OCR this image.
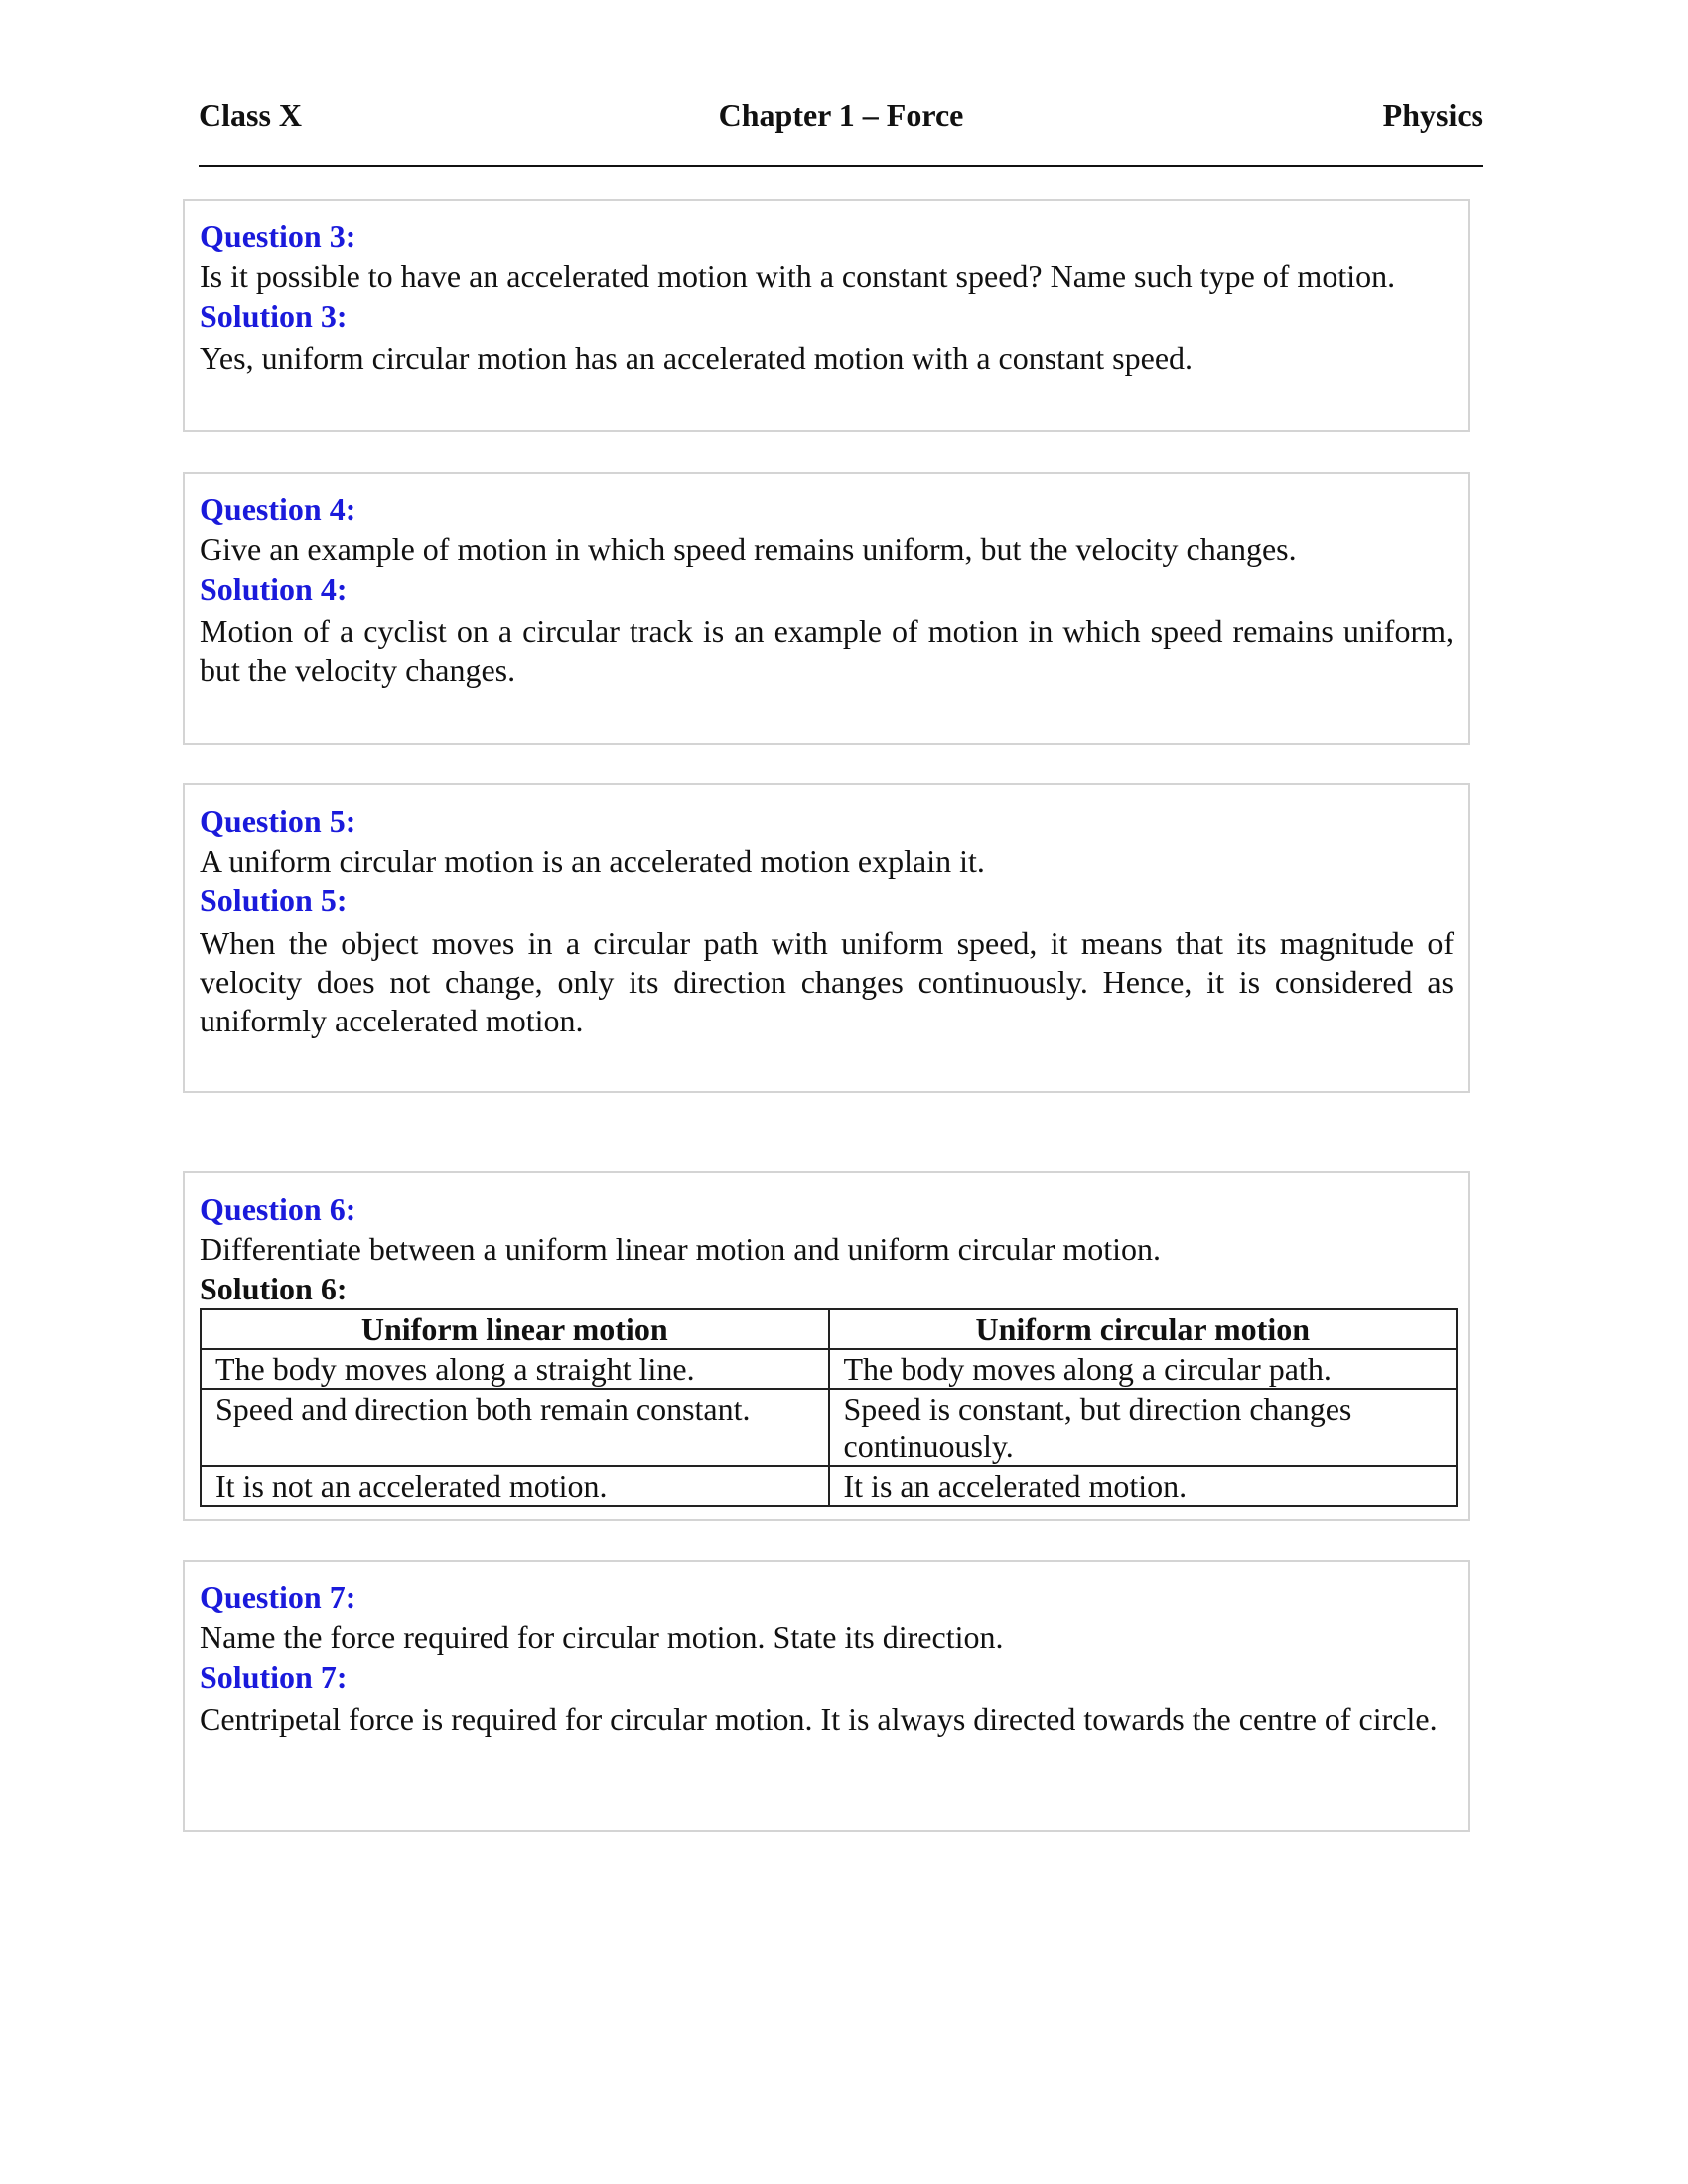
Class X	Chapter 1 – Force	Physics
Question 3:
Is it possible to have an accelerated motion with a constant speed? Name such type of motion.
Solution 3:
Yes, uniform circular motion has an accelerated motion with a constant speed.
Question 4:
Give an example of motion in which speed remains uniform, but the velocity changes.
Solution 4:
Motion of a cyclist on a circular track is an example of motion in which speed remains uniform, but the velocity changes.
Question 5:
A uniform circular motion is an accelerated motion explain it.
Solution 5:
When the object moves in a circular path with uniform speed, it means that its magnitude of velocity does not change, only its direction changes continuously. Hence, it is considered as uniformly accelerated motion.
Question 6:
Differentiate between a uniform linear motion and uniform circular motion.
Solution 6:
Uniform linear motion	Uniform circular motion
The body moves along a straight line.	The body moves along a circular path.
Speed and direction both remain constant.	Speed is constant, but direction changes continuously.
It is not an accelerated motion.	It is an accelerated motion.
Question 7:
Name the force required for circular motion. State its direction.
Solution 7:
Centripetal force is required for circular motion. It is always directed towards the centre of circle.
